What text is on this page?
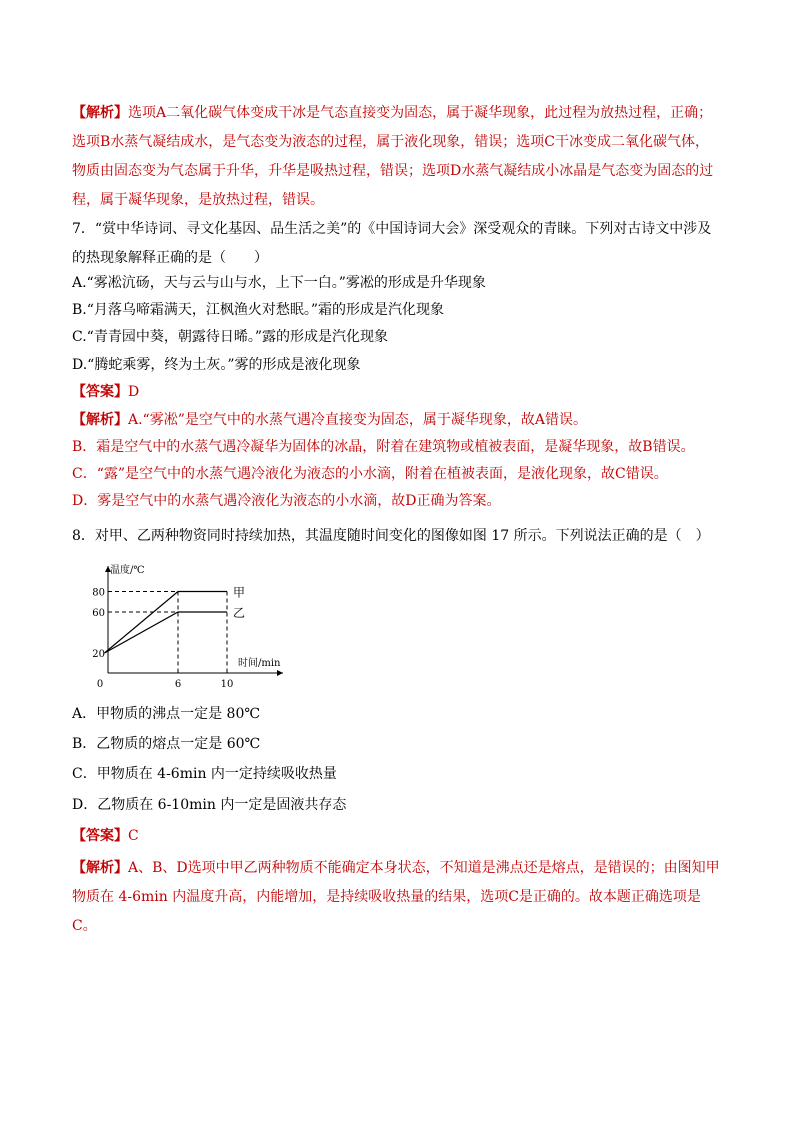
【解析】选项A二氧化碳气体变成干冰是气态直接变为固态，属于凝华现象，此过程为放热过程，正确；选项B水蒸气凝结成水，是气态变为液态的过程，属于液化现象，错误；选项C干冰变成二氧化碳气体，物质由固态变为气态属于升华，升华是吸热过程，错误；选项D水蒸气凝结成小冰晶是气态变为固态的过程，属于凝华现象，是放热过程，错误。

7．“赏中华诗词、寻文化基因、品生活之美”的《中国诗词大会》深受观众的青睐。下列对古诗文中涉及的热现象解释正确的是（　　）

A.“雾凇沆砀，天与云与山与水，上下一白。”雾凇的形成是升华现象

B.“月落乌啼霜满天，江枫渔火对愁眠。”霜的形成是汽化现象

C.“青青园中葵，朝露待日晞。”露的形成是汽化现象

D.“腾蛇乘雾，终为土灰。”雾的形成是液化现象

【答案】D

【解析】A.“雾凇”是空气中的水蒸气遇冷直接变为固态，属于凝华现象，故A错误。

B．霜是空气中的水蒸气遇冷凝华为固体的冰晶，附着在建筑物或植被表面，是凝华现象，故B错误。

C．“露”是空气中的水蒸气遇冷液化为液态的小水滴，附着在植被表面，是液化现象，故C错误。

D．雾是空气中的水蒸气遇冷液化为液态的小水滴，故D正确为答案。

8．对甲、乙两种物资同时持续加热，其温度随时间变化的图像如图 17 所示。下列说法正确的是（　）

温度/℃
时间/min
0
20
60
80
6	10
甲
乙

A．甲物质的沸点一定是 80℃

B．乙物质的熔点一定是 60℃

C．甲物质在 4-6min 内一定持续吸收热量

D．乙物质在 6-10min 内一定是固液共存态

【答案】C

【解析】A、B、D选项中甲乙两种物质不能确定本身状态，不知道是沸点还是熔点，是错误的；由图知甲物质在 4-6min 内温度升高，内能增加，是持续吸收热量的结果，选项C是正确的。故本题正确选项是C。
